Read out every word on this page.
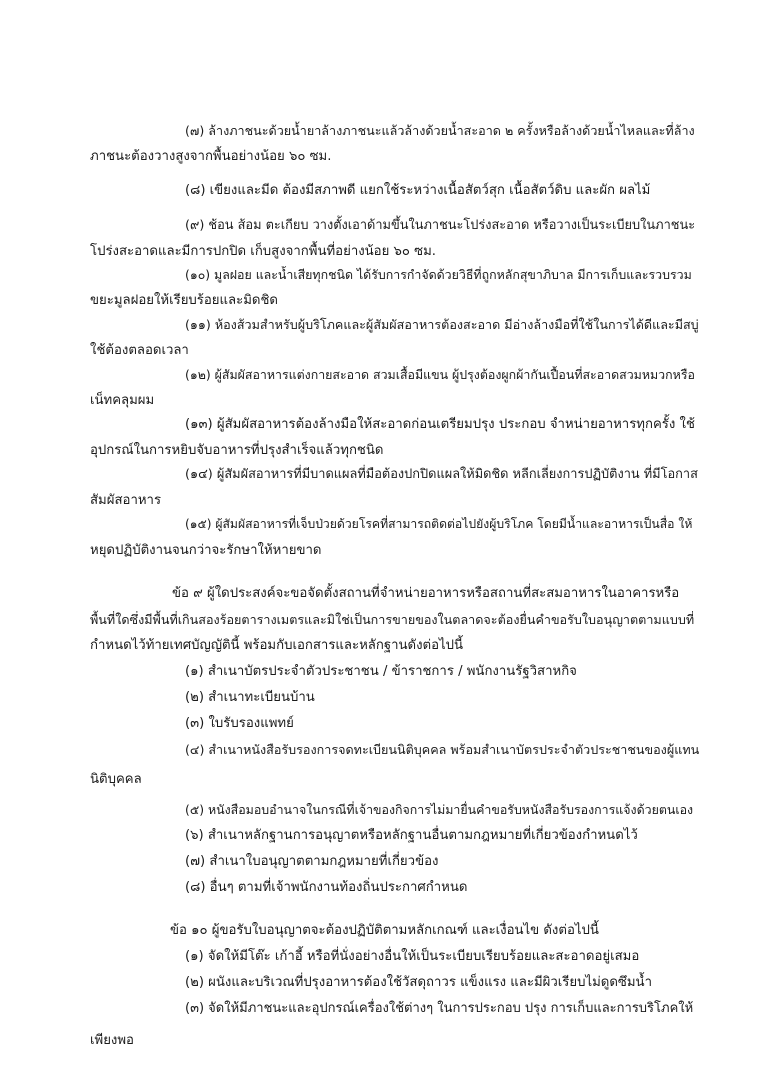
(๗) ล้างภาชนะด้วยน้ำยาล้างภาชนะแล้วล้างด้วยน้ำสะอาด ๒ ครั้งหรือล้างด้วยน้ำไหลและที่ล้าง
ภาชนะต้องวางสูงจากพื้นอย่างน้อย ๖๐ ซม.
(๘) เขียงและมีด ต้องมีสภาพดี แยกใช้ระหว่างเนื้อสัตว์สุก เนื้อสัตว์ดิบ และผัก ผลไม้
(๙) ช้อน ส้อม ตะเกียบ วางตั้งเอาด้ามขึ้นในภาชนะโปร่งสะอาด หรือวางเป็นระเบียบในภาชนะ
โปร่งสะอาดและมีการปกปิด เก็บสูงจากพื้นที่อย่างน้อย ๖๐ ซม.
(๑๐) มูลฝอย และน้ำเสียทุกชนิด ได้รับการกำจัดด้วยวิธีที่ถูกหลักสุขาภิบาล มีการเก็บและรวบรวม
ขยะมูลฝอยให้เรียบร้อยและมิดชิด
(๑๑) ห้องส้วมสำหรับผู้บริโภคและผู้สัมผัสอาหารต้องสะอาด มีอ่างล้างมือที่ใช้ในการได้ดีและมีสบู่
ใช้ต้องตลอดเวลา
(๑๒) ผู้สัมผัสอาหารแต่งกายสะอาด สวมเสื้อมีแขน ผู้ปรุงต้องผูกผ้ากันเปื้อนที่สะอาดสวมหมวกหรือ
เน็ทคลุมผม
(๑๓) ผู้สัมผัสอาหารต้องล้างมือให้สะอาดก่อนเตรียมปรุง ประกอบ จำหน่ายอาหารทุกครั้ง ใช้
อุปกรณ์ในการหยิบจับอาหารที่ปรุงสำเร็จแล้วทุกชนิด
(๑๔) ผู้สัมผัสอาหารที่มีบาดแผลที่มือต้องปกปิดแผลให้มิดชิด หลีกเลี่ยงการปฏิบัติงาน ที่มีโอกาส
สัมผัสอาหาร
(๑๕) ผู้สัมผัสอาหารที่เจ็บป่วยด้วยโรคที่สามารถติดต่อไปยังผู้บริโภค โดยมีน้ำและอาหารเป็นสื่อ ให้
หยุดปฏิบัติงานจนกว่าจะรักษาให้หายขาด
ข้อ ๙ ผู้ใดประสงค์จะขอจัดตั้งสถานที่จำหน่ายอาหารหรือสถานที่สะสมอาหารในอาคารหรือ
พื้นที่ใดซึ่งมีพื้นที่เกินสองร้อยตารางเมตรและมิใช่เป็นการขายของในตลาดจะต้องยื่นคำขอรับใบอนุญาตตามแบบที่
กำหนดไว้ท้ายเทศบัญญัตินี้ พร้อมกับเอกสารและหลักฐานดังต่อไปนี้
(๑) สำเนาบัตรประจำตัวประชาชน / ข้าราชการ / พนักงานรัฐวิสาหกิจ
(๒) สำเนาทะเบียนบ้าน
(๓) ใบรับรองแพทย์
(๔) สำเนาหนังสือรับรองการจดทะเบียนนิติบุคคล พร้อมสำเนาบัตรประจำตัวประชาชนของผู้แทน
นิติบุคคล
(๕) หนังสือมอบอำนาจในกรณีที่เจ้าของกิจการไม่มายื่นคำขอรับหนังสือรับรองการแจ้งด้วยตนเอง
(๖) สำเนาหลักฐานการอนุญาตหรือหลักฐานอื่นตามกฎหมายที่เกี่ยวข้องกำหนดไว้
(๗) สำเนาใบอนุญาตตามกฎหมายที่เกี่ยวข้อง
(๘) อื่นๆ ตามที่เจ้าพนักงานท้องถิ่นประกาศกำหนด
ข้อ ๑๐ ผู้ขอรับใบอนุญาตจะต้องปฏิบัติตามหลักเกณฑ์ และเงื่อนไข ดังต่อไปนี้
(๑) จัดให้มีโต๊ะ เก้าอี้ หรือที่นั่งอย่างอื่นให้เป็นระเบียบเรียบร้อยและสะอาดอยู่เสมอ
(๒) ผนังและบริเวณที่ปรุงอาหารต้องใช้วัสดุถาวร แข็งแรง และมีผิวเรียบไม่ดูดซึมน้ำ
(๓) จัดให้มีภาชนะและอุปกรณ์เครื่องใช้ต่างๆ ในการประกอบ ปรุง การเก็บและการบริโภคให้
เพียงพอ
